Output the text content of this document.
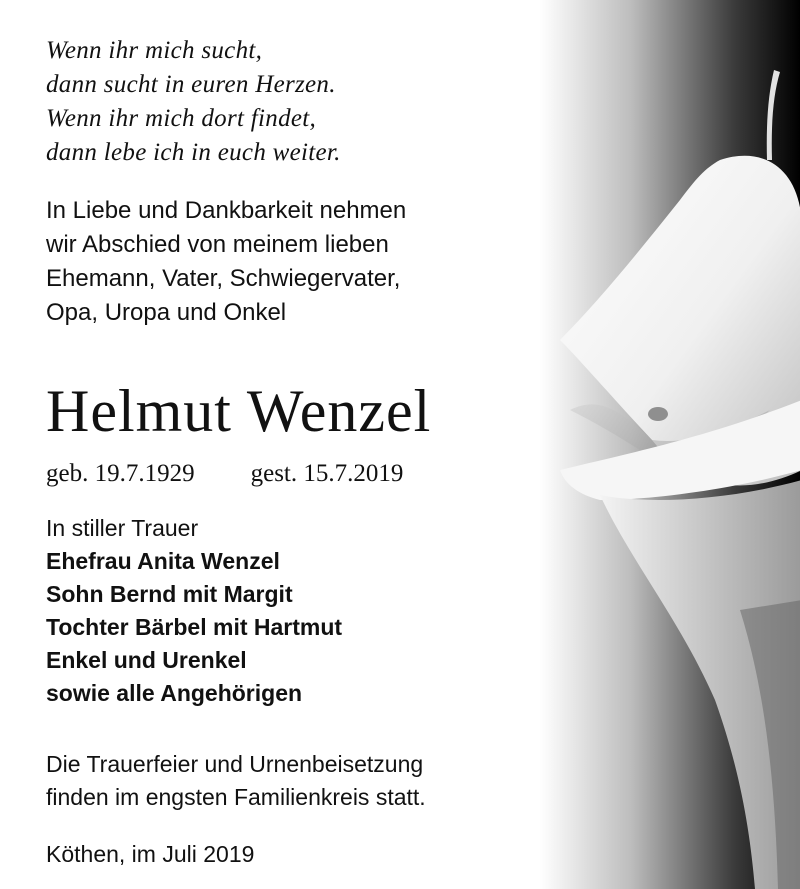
Wenn ihr mich sucht,
dann sucht in euren Herzen.
Wenn ihr mich dort findet,
dann lebe ich in euch weiter.
In Liebe und Dankbarkeit nehmen
wir Abschied von meinem lieben
Ehemann, Vater, Schwiegervater,
Opa, Uropa und Onkel
Helmut Wenzel
geb. 19.7.1929 gest. 15.7.2019
In stiller Trauer
Ehefrau Anita Wenzel
Sohn Bernd mit Margit
Tochter Bärbel mit Hartmut
Enkel und Urenkel
sowie alle Angehörigen
Die Trauerfeier und Urnenbeisetzung
finden im engsten Familienkreis statt.
Köthen, im Juli 2019
